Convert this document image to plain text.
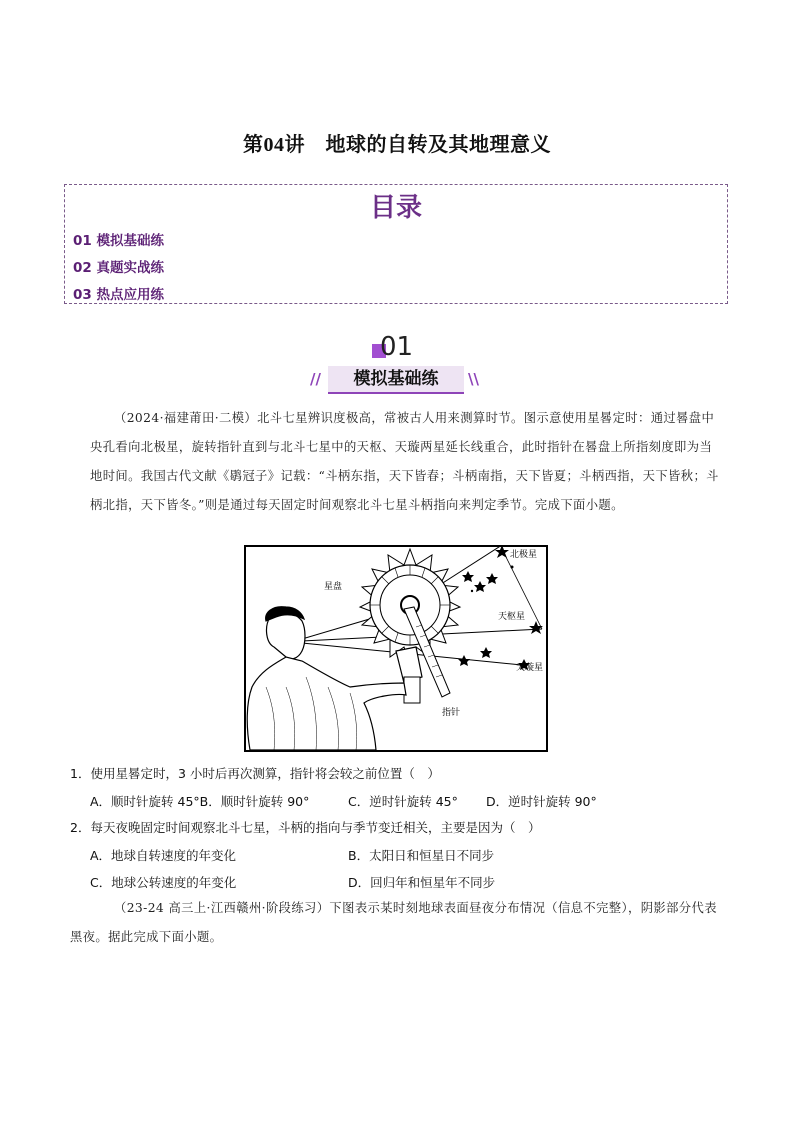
第04讲　地球的自转及其地理意义
目录
01 模拟基础练
02 真题实战练
03 热点应用练
01
//	模拟基础练	\\
（2024·福建莆田·二模）北斗七星辨识度极高，常被古人用来测算时节。图示意使用星晷定时：通过晷盘中央孔看向北极星，旋转指针直到与北斗七星中的天枢、天璇两星延长线重合，此时指针在晷盘上所指刻度即为当地时间。我国古代文献《鹖冠子》记载：“斗柄东指，天下皆春；斗柄南指，天下皆夏；斗柄西指，天下皆秋；斗柄北指，天下皆冬。”则是通过每天固定时间观察北斗七星斗柄指向来判定季节。完成下面小题。
北极星
星盘
天枢星
天璇星
指针
1．使用星晷定时，3 小时后再次测算，指针将会较之前位置（　）
A．顺时针旋转 45°B．顺时针旋转 90°	C．逆时针旋转 45° D．逆时针旋转 90°
2．每天夜晚固定时间观察北斗七星，斗柄的指向与季节变迁相关，主要是因为（　）
A．地球自转速度的年变化	B．太阳日和恒星日不同步
C．地球公转速度的年变化	D．回归年和恒星年不同步
（23-24 高三上·江西赣州·阶段练习）下图表示某时刻地球表面昼夜分布情况（信息不完整），阴影部分代表黑夜。据此完成下面小题。
